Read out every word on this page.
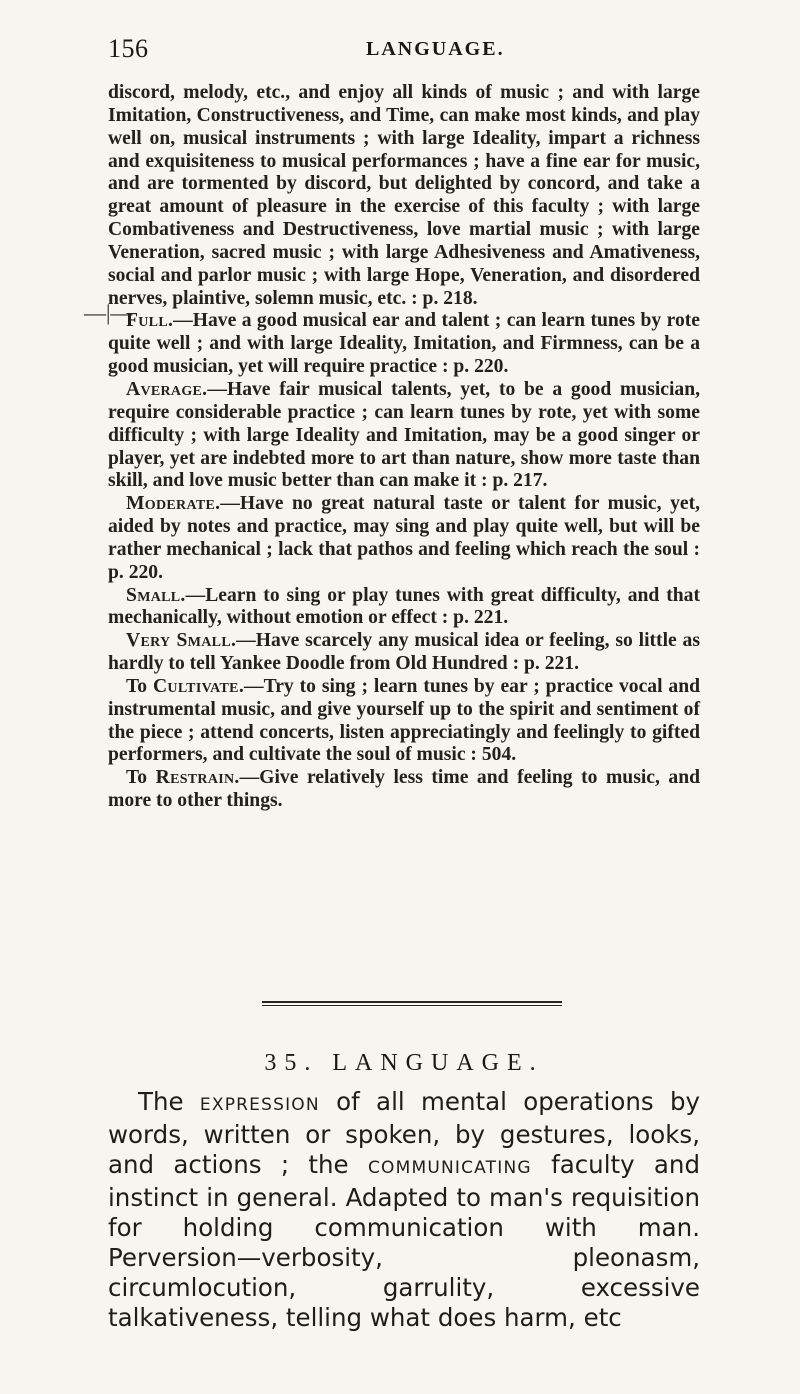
156	LANGUAGE.
—|—

discord, melody, etc., and enjoy all kinds of music ; and with large Imitation, Constructiveness, and Time, can make most kinds, and play well on, musical instruments ; with large Ideality, impart a richness and exquisiteness to musical performances ; have a fine ear for music, and are tormented by discord, but delighted by concord, and take a great amount of pleasure in the exercise of this faculty ; with large Combativeness and Destructiveness, love martial music ; with large Veneration, sacred music ; with large Adhesiveness and Amativeness, social and parlor music ; with large Hope, Veneration, and disordered nerves, plaintive, solemn music, etc. : p. 218.

Full.—Have a good musical ear and talent ; can learn tunes by rote quite well ; and with large Ideality, Imitation, and Firmness, can be a good musician, yet will require practice : p. 220.

Average.—Have fair musical talents, yet, to be a good musician, require considerable practice ; can learn tunes by rote, yet with some difficulty ; with large Ideality and Imitation, may be a good singer or player, yet are indebted more to art than nature, show more taste than skill, and love music better than can make it : p. 217.

Moderate.—Have no great natural taste or talent for music, yet, aided by notes and practice, may sing and play quite well, but will be rather mechanical ; lack that pathos and feeling which reach the soul : p. 220.

Small.—Learn to sing or play tunes with great difficulty, and that mechanically, without emotion or effect : p. 221.

Very Small.—Have scarcely any musical idea or feeling, so little as hardly to tell Yankee Doodle from Old Hundred : p. 221.

To Cultivate.—Try to sing ; learn tunes by ear ; practice vocal and instrumental music, and give yourself up to the spirit and sentiment of the piece ; attend concerts, listen appreciatingly and feelingly to gifted performers, and cultivate the soul of music : 504.

To Restrain.—Give relatively less time and feeling to music, and more to other things.

35. LANGUAGE.

The EXPRESSION of all mental operations by words, written or spoken, by gestures, looks, and actions ; the COMMUNICATING faculty and instinct in general. Adapted to man's requisition for holding communication with man. Perversion—verbosity, pleonasm, circumlocution, garrulity, excessive talkativeness, telling what does harm, etc
